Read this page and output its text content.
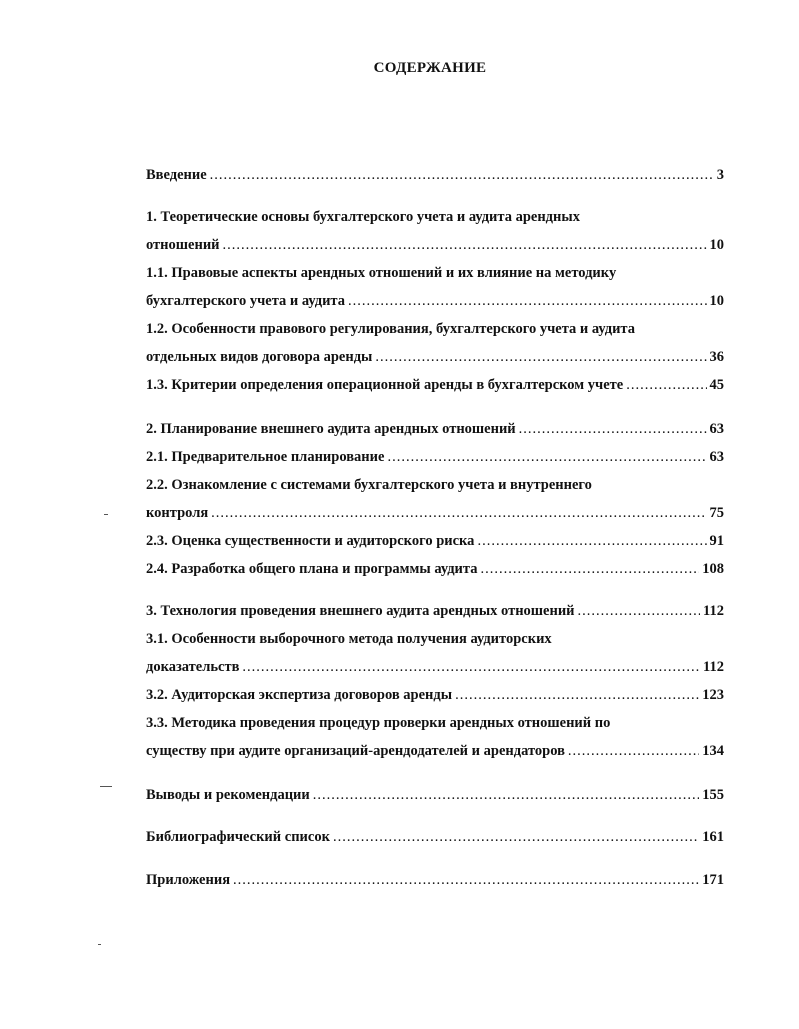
СОДЕРЖАНИЕ
Введение .....	3
1. Теоретические основы бухгалтерского учета и аудита арендных
отношений .....	10
1.1. Правовые аспекты арендных отношений и их влияние на методику
бухгалтерского учета и аудита .....	10
1.2. Особенности правового регулирования, бухгалтерского учета и аудита
отдельных видов договора аренды .....	36
1.3. Критерии определения операционной аренды в бухгалтерском учете .....	45
2. Планирование внешнего аудита арендных отношений .....	63
2.1. Предварительное планирование .....	63
2.2. Ознакомление с системами бухгалтерского учета и внутреннего
контроля .....	75
2.3. Оценка существенности и аудиторского риска .....	91
2.4. Разработка общего плана и программы аудита .....	108
3. Технология проведения внешнего аудита арендных отношений .....	112
3.1. Особенности выборочного метода получения аудиторских
доказательств .....	112
3.2. Аудиторская экспертиза договоров аренды .....	123
3.3. Методика проведения процедур проверки арендных отношений по
существу при аудите организаций-арендодателей и арендаторов .....	134
Выводы и рекомендации .....	155
Библиографический список .....	161
Приложения .....	171
